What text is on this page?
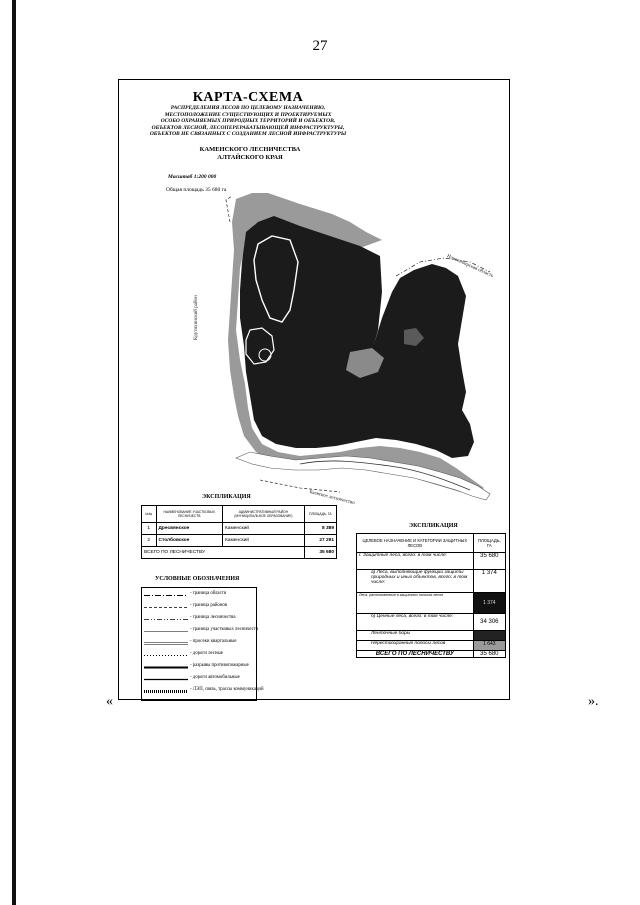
27
КАРТА-СХЕМА
РАСПРЕДЕЛЕНИЯ ЛЕСОВ ПО ЦЕЛЕВОМУ НАЗНАЧЕНИЮ,
МЕСТОПОЛОЖЕНИЕ СУЩЕСТВУЮЩИХ И ПРОЕКТИРУЕМЫХ
ОСОБО ОХРАНЯЕМЫХ ПРИРОДНЫХ ТЕРРИТОРИЙ И ОБЪЕКТОВ,
ОБЪЕКТОВ ЛЕСНОЙ, ЛЕСОПЕРЕРАБАТЫВАЮЩЕЙ ИНФРАСТРУКТУРЫ,
ОБЪЕКТОВ НЕ СВЯЗАННЫХ С СОЗДАНИЕМ ЛЕСНОЙ ИНФРАСТРУКТУРЫ
КАМЕНСКОГО ЛЕСНИЧЕСТВА
АЛТАЙСКОГО КРАЯ
Масштаб 1:200 000
Общая площадь 35 680 га
Крутихинский район
Новосибирская область
Баевское лесничество
ЭКСПЛИКАЦИЯ
№№	НАИМЕНОВАНИЕ УЧАСТКОВЫХ ЛЕСНИЧЕСТВ	АДМИНИСТРАТИВНЫЙ РАЙОН (МУНИЦИПАЛЬНОЕ ОБРАЗОВАНИЕ)	ПЛОЩАДЬ, ГА
1	Дресвянское	Каменский	8 389
2	Столбовское	Каменский	27 291
ВСЕГО ПО ЛЕСНИЧЕСТВУ			35 680
УСЛОВНЫЕ ОБОЗНАЧЕНИЯ
- граница области
- граница районов
- граница лесничества
- граница участковых лесничеств
- просеки квартальные
- дороги лесные
- разрывы противопожарные
- дороги автомобильные
- ЛЭП, связь, трассы коммуникаций
ЭКСПЛИКАЦИЯ
ЦЕЛЕВОЕ НАЗНАЧЕНИЕ И КАТЕГОРИИ ЗАЩИТНЫХ ЛЕСОВ	ПЛОЩАДЬ, ГА
I. Защитные леса, всего: в том числе:	35 680
а) Леса, выполняющие функции защиты природных и иных объектов, всего: в том числе:	1 374
Леса, расположенные в защитных полосах лесов	1 374
б) Ценные леса, всего: в том числе:	34 306
Ленточные боры	
Нерестоохранные полосы лесов	1 643
ВСЕГО ПО ЛЕСНИЧЕСТВУ	35 680
«	».
